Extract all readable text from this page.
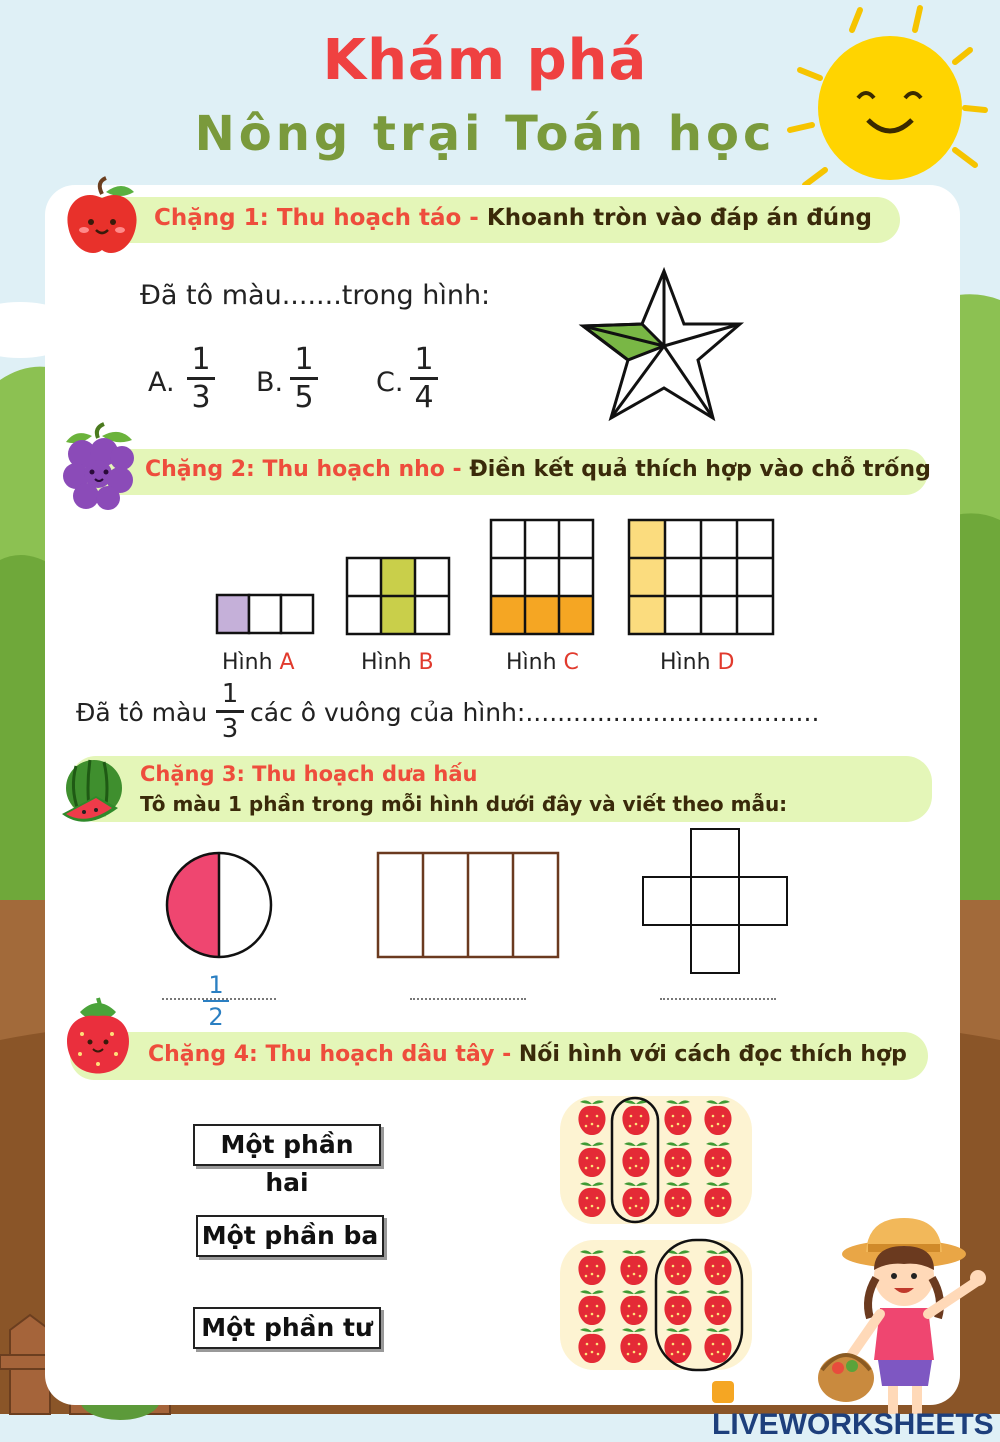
Khám phá
Nông trại Toán học
Chặng 1: Thu hoạch táo - Khoanh tròn vào đáp án đúng
Đã tô màu.......trong hình:
A.
1
3 B.
1
5 C.
1
4
Chặng 2: Thu hoạch nho - Điền kết quả thích hợp vào chỗ trống
Hình A	Hình B	Hình C	Hình D
Đã tô màu
1
3
các ô vuông của hình:.....................................
Chặng 3: Thu hoạch dưa hấu
Tô màu 1 phần trong mỗi hình dưới đây và viết theo mẫu:
1
2
Chặng 4: Thu hoạch dâu tây - Nối hình với cách đọc thích hợp
Một phần hai
Một phần ba
Một phần tư
LIVEWORKSHEETS
